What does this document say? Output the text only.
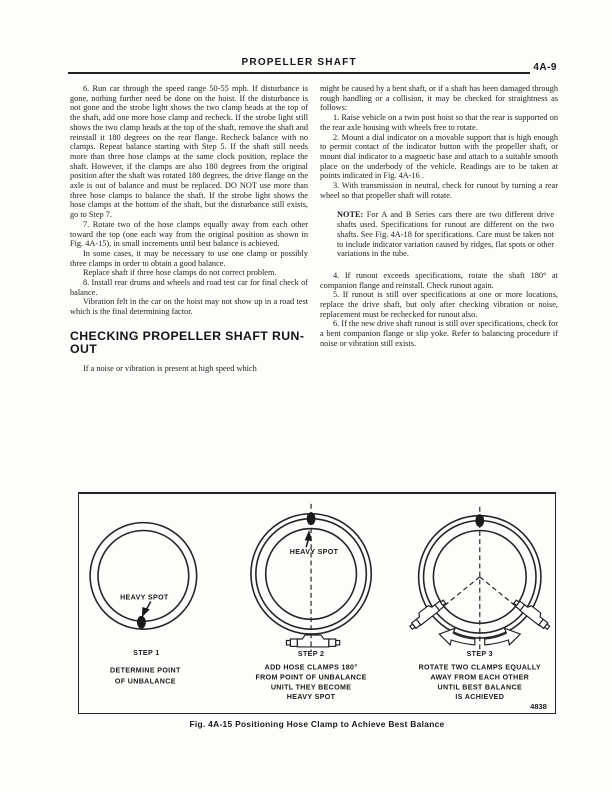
PROPELLER SHAFT	4A-9

6. Run car through the speed range 50-55 mph. If disturbance is gone, nothing further need be done on the hoist. If the disturbance is not gone and the strobe light shows the two clamp heads at the top of the shaft, add one more hose clamp and recheck. If the strobe light still shows the two clamp heads at the top of the shaft, remove the shaft and reinstall it 180 degrees on the rear flange. Recheck balance with no clamps. Repeat balance starting with Step 5. If the shaft still needs more than three hose clamps at the same clock position, replace the shaft. However, if the clamps are also 180 degrees from the original position after the shaft was rotated 180 degrees, the drive flange on the axle is out of balance and must be replaced. DO NOT use more than three hose clamps to balance the shaft. If the strobe light shows the hose clamps at the bottom of the shaft, but the disturbance still exists, go to Step 7.

7. Rotate two of the hose clamps equally away from each other toward the top (one each way from the original position as shown in Fig. 4A-15), in small increments until best balance is achieved.

In some cases, it may be necessary to use one clamp or possibly three clamps in order to obtain a good balance.

Replace shaft if three hose clamps do not correct problem.

8. Install rear drums and wheels and road test car for final check of balance.

Vibration felt in the car on the hoist may not show up in a road test which is the final determining factor.

CHECKING PROPELLER SHAFT RUN-OUT

If a noise or vibration is present at high speed which

might be caused by a bent shaft, or if a shaft has been damaged through rough handling or a collision, it may be checked for straightness as follows:

1. Raise vehicle on a twin post hoist so that the rear is supported on the rear axle housing with wheels free to rotate.

2. Mount a dial indicator on a movable support that is high enough to permit contact of the indicator button with the propeller shaft, or mount dial indicator to a magnetic base and attach to a suitable smooth place on the underbody of the vehicle. Readings are to be taken at points indicated in Fig. 4A-16 .

3. With transmission in neutral, check for runout by turning a rear wheel so that propeller shaft will rotate.

NOTE: For A and B Series cars there are two different drive shafts used. Specifications for runout are different on the two shafts. See Fig. 4A-18 for specifications. Care must be taken not to include indicator variation caused by ridges, flat spots or other variations in the tube.

4. If runout exceeds specifications, rotate the shaft 180° at companion flange and reinstall. Check runout again.

5. If runout is still over specifications at one or more locations, replace the drive shaft, but only after checking vibration or noise, replacement must be rechecked for runout also.

6. If the new drive shaft runout is still over specifications, check for a bent companion flange or slip yoke. Refer to balancing procedure if noise or vibration still exists.

HEAVY SPOT
STEP 1
DETERMINE POINT
OF UNBALANCE
HEAVY SPOT
STEP 2
ADD HOSE CLAMPS 180°
FROM POINT OF UNBALANCE
UNITL THEY BECOME
HEAVY SPOT
STEP 3
ROTATE TWO CLAMPS EQUALLY
AWAY FROM EACH OTHER
UNTIL BEST BALANCE
IS ACHIEVED
4838
Fig. 4A-15 Positioning Hose Clamp to Achieve Best Balance
